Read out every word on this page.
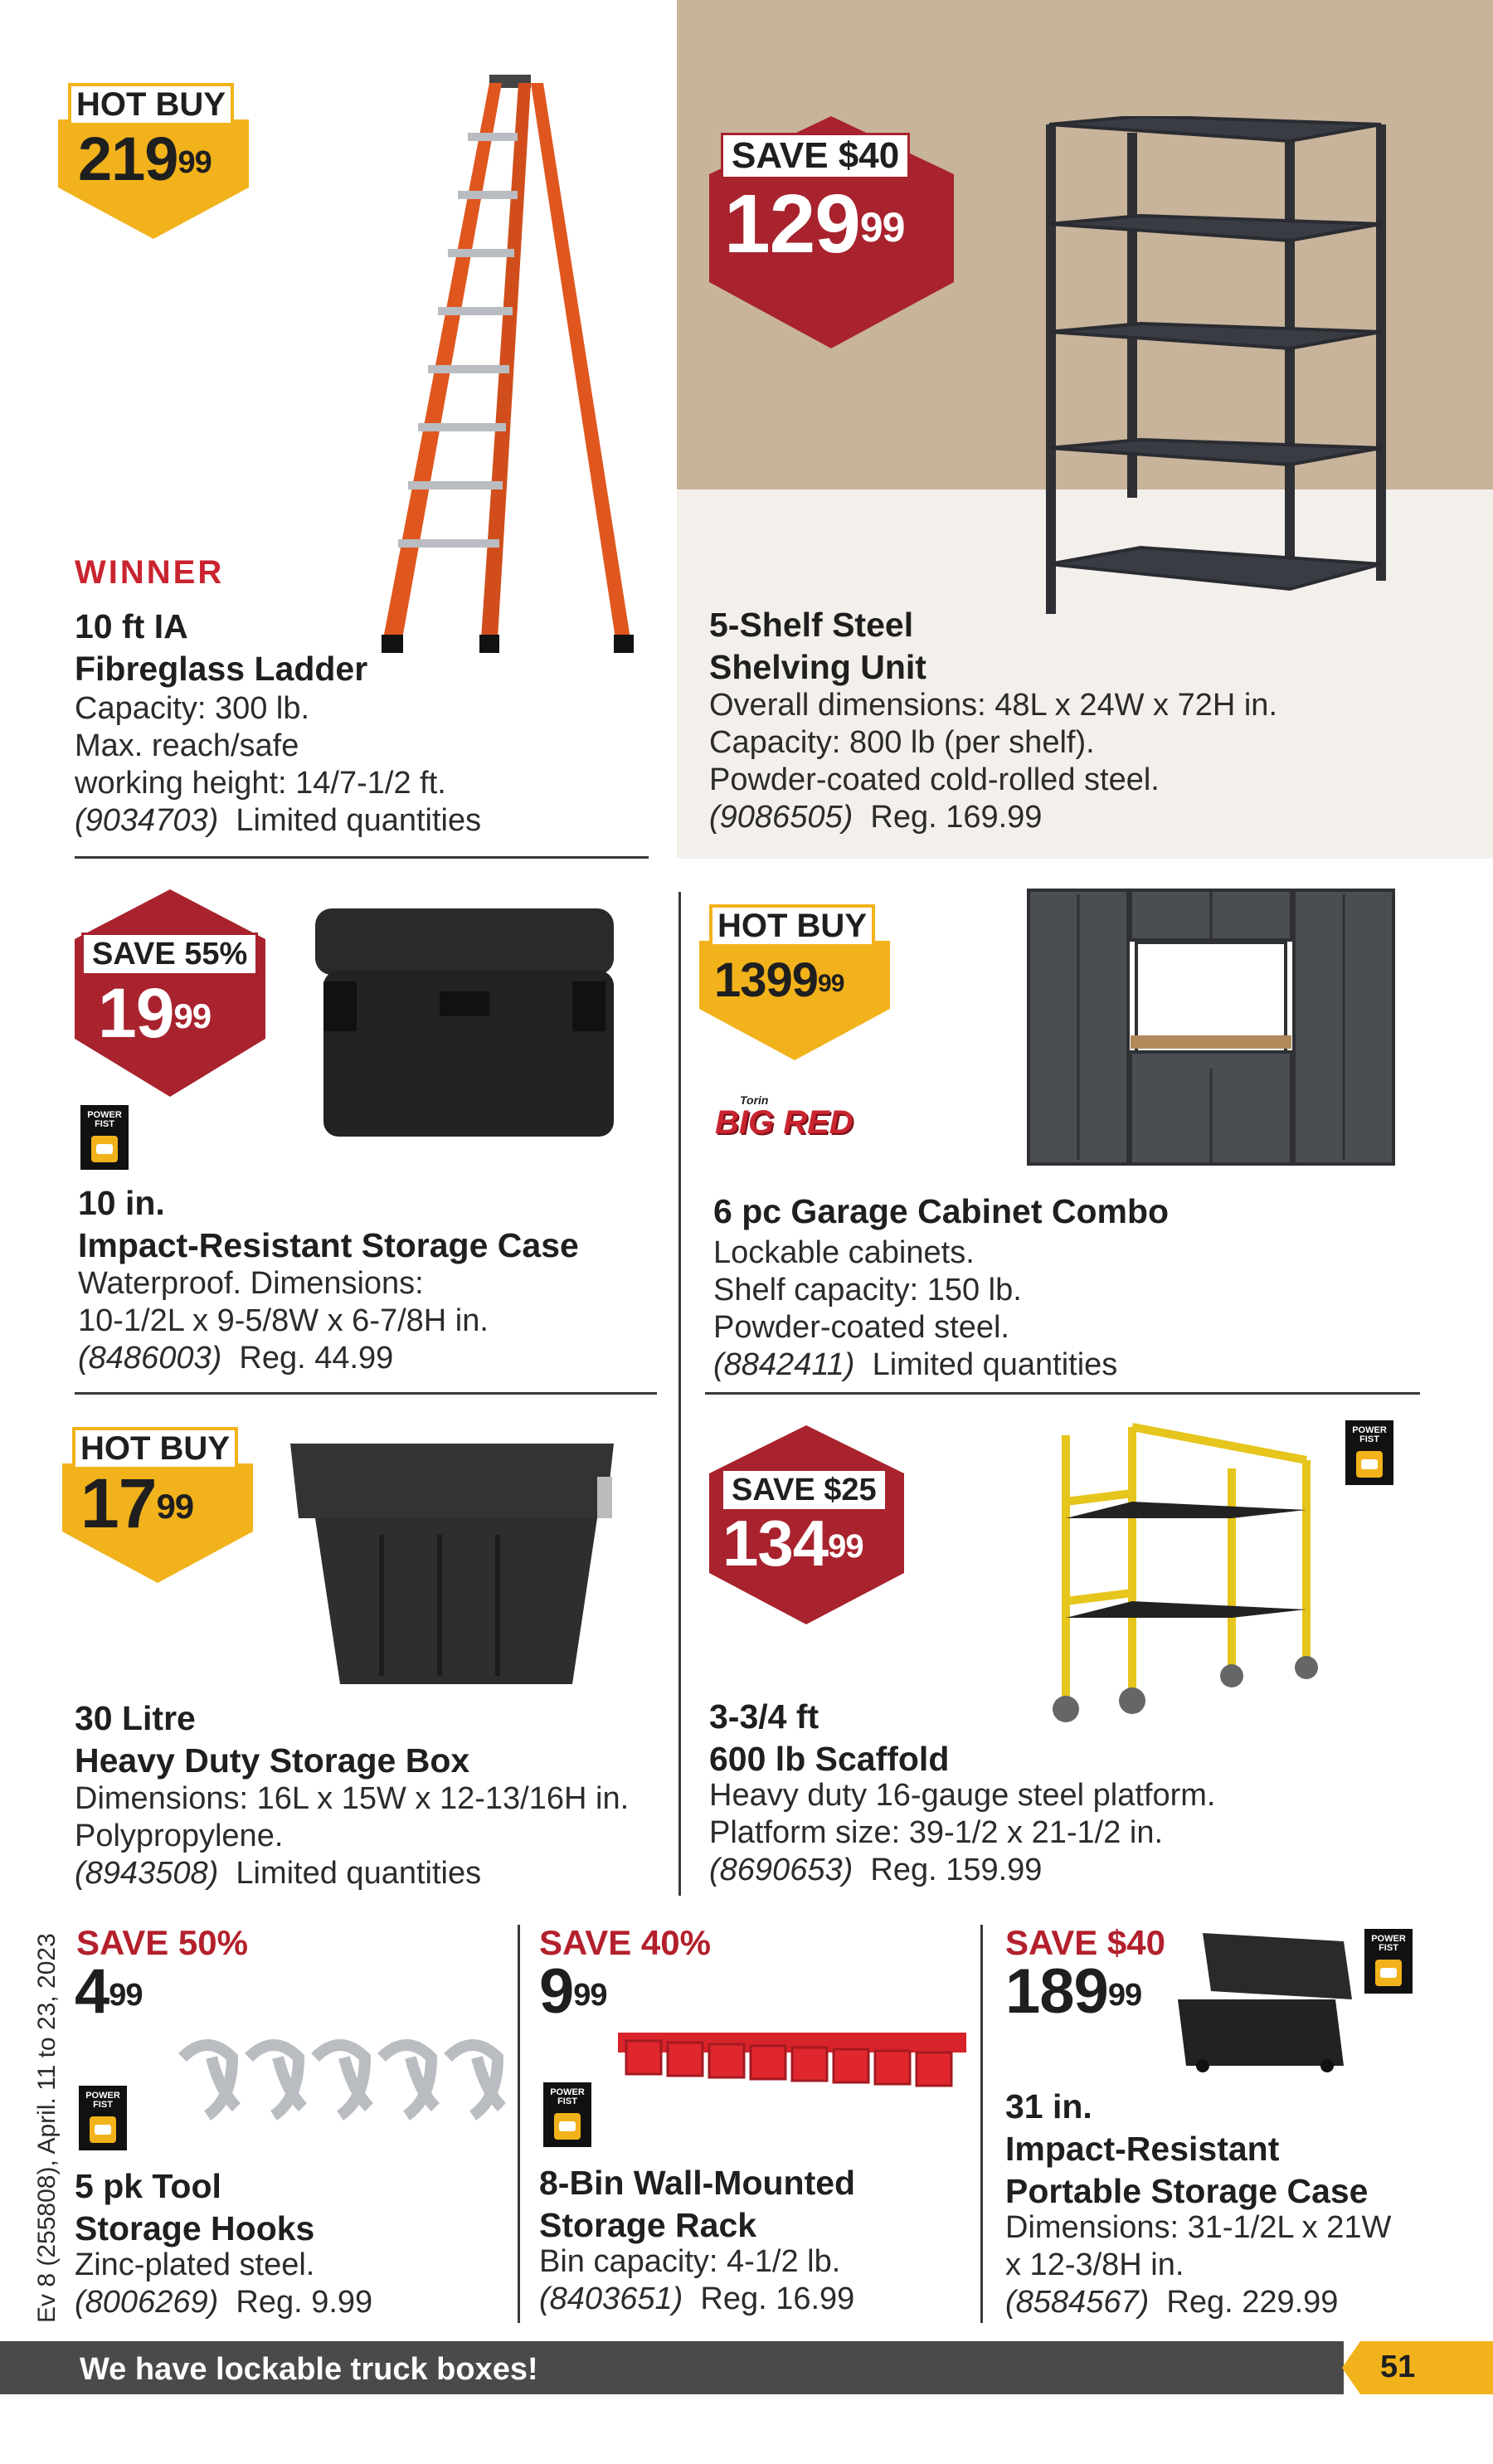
HOT BUY
$219^{99}$
WINNER
10 ft IA
Fibreglass Ladder
Capacity: 300 lb.
Max. reach/safe
working height: 14/7-1/2 ft.
(9034703) Limited quantities
SAVE $40
$129^{99}$
5-Shelf Steel
Shelving Unit
Overall dimensions: 48L x 24W x 72H in.
Capacity: 800 lb (per shelf).
Powder-coated cold-rolled steel.
(9086505) Reg. 169.99
SAVE 55%
$19^{99}$
POWER
FIST
10 in.
Impact-Resistant Storage Case
Waterproof. Dimensions:
10-1/2L x 9-5/8W x 6-7/8H in.
(8486003) Reg. 44.99
HOT BUY
1399$^{99}$
Torin
BIG RED
6 pc Garage Cabinet Combo
Lockable cabinets.
Shelf capacity: 150 lb.
Powder-coated steel.
(8842411) Limited quantities
HOT BUY
$17^{99}$
30 Litre
Heavy Duty Storage Box
Dimensions: 16L x 15W x 12-13/16H in.
Polypropylene.
(8943508) Limited quantities
SAVE $25
$134^{99}$
POWER
FIST
3-3/4 ft
600 lb Scaffold
Heavy duty 16-gauge steel platform.
Platform size: 39-1/2 x 21-1/2 in.
(8690653) Reg. 159.99
SAVE 50%
$4^{99}$
POWER
FIST
5 pk Tool
Storage Hooks
Zinc-plated steel.
(8006269) Reg. 9.99
SAVE 40%
$9^{99}$
POWER
FIST
8-Bin Wall-Mounted
Storage Rack
Bin capacity: 4-1/2 lb.
(8403651) Reg. 16.99
SAVE $40
$189^{99}$
POWER
FIST
31 in.
Impact-Resistant
Portable Storage Case
Dimensions: 31-1/2L x 21W
x 12-3/8H in.
(8584567) Reg. 229.99
Ev 8 (255808), April. 11 to 23, 2023
We have lockable truck boxes!	51
